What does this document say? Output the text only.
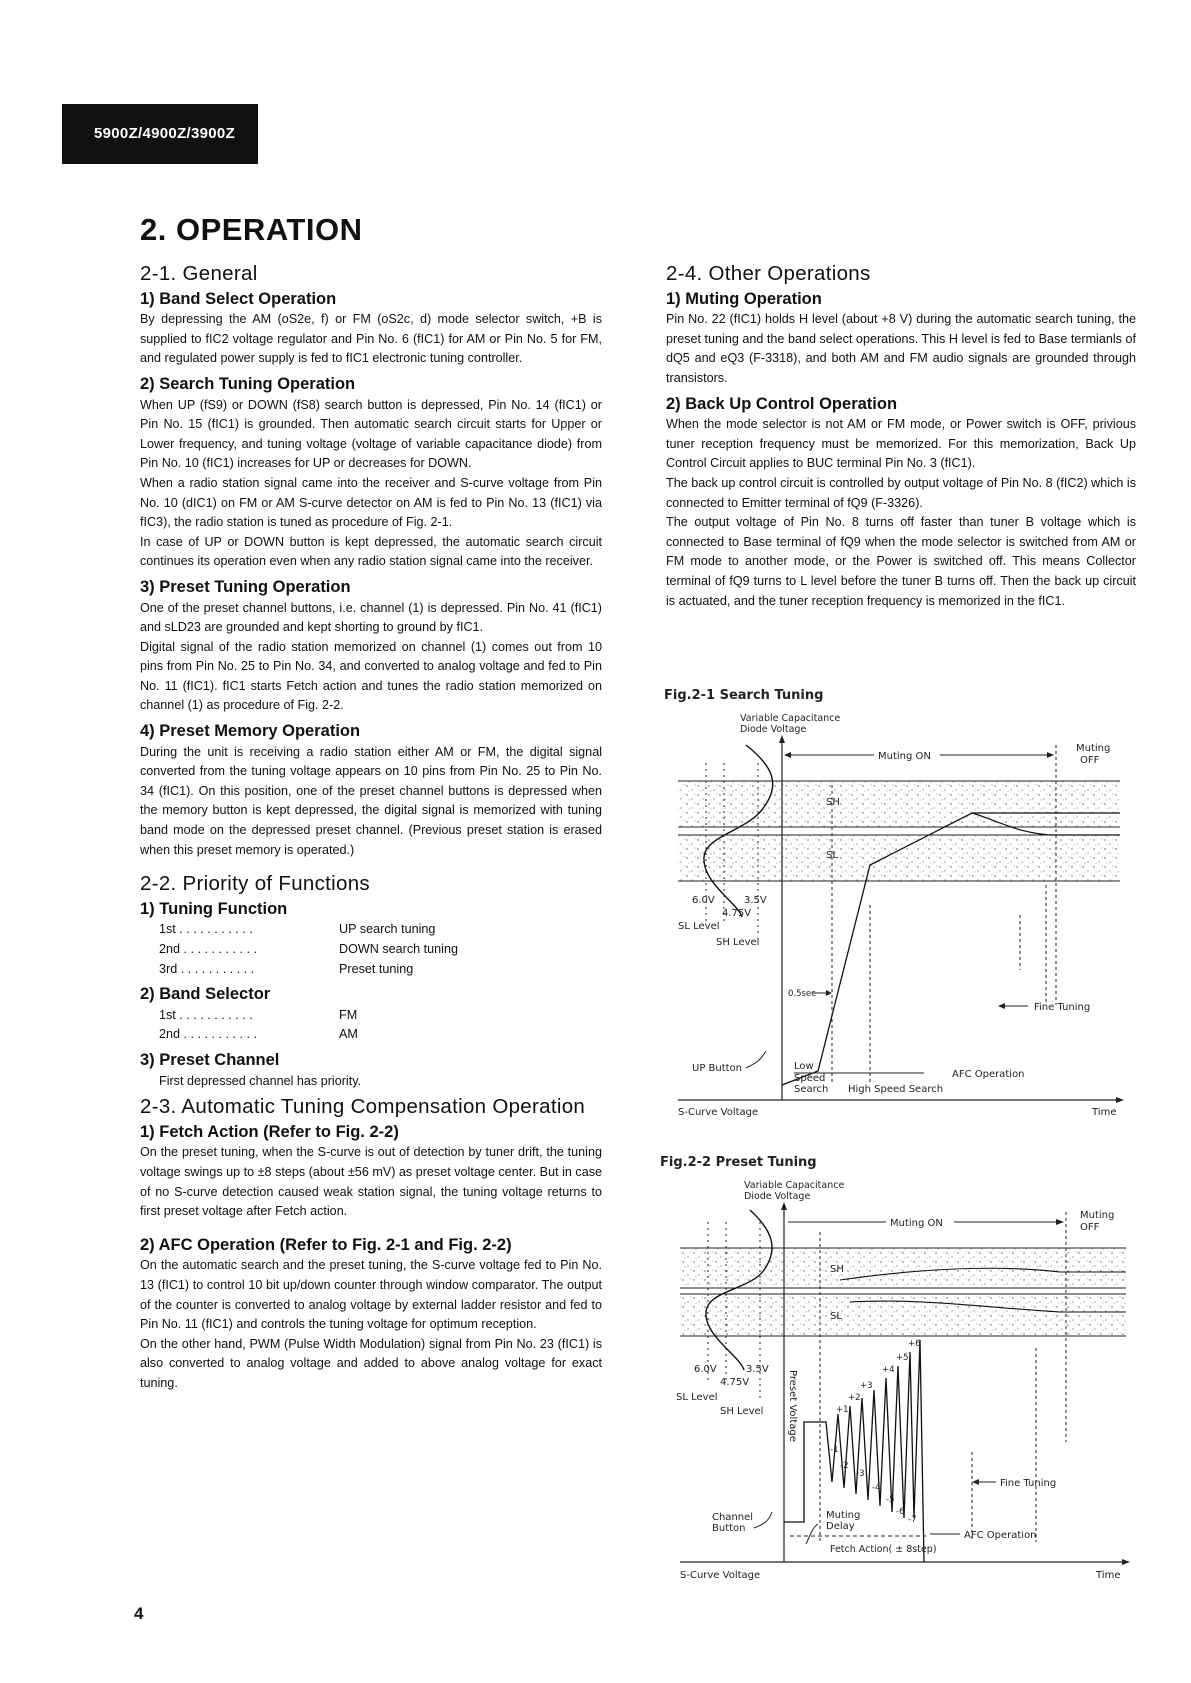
5900Z/4900Z/3900Z
2. OPERATION
2-1. General
1) Band Select Operation

By depressing the AM (oS2e, f) or FM (oS2c, d) mode selector switch, +B is supplied to fIC2 voltage regulator and Pin No. 6 (fIC1) for AM or Pin No. 5 for FM, and regulated power supply is fed to fIC1 electronic tuning controller.

2) Search Tuning Operation

When UP (fS9) or DOWN (fS8) search button is depressed, Pin No. 14 (fIC1) or Pin No. 15 (fIC1) is grounded. Then automatic search circuit starts for Upper or Lower frequency, and tuning voltage (voltage of variable capacitance diode) from Pin No. 10 (fIC1) increases for UP or decreases for DOWN.

When a radio station signal came into the receiver and S-curve voltage from Pin No. 10 (dIC1) on FM or AM S-curve detector on AM is fed to Pin No. 13 (fIC1) via fIC3), the radio station is tuned as procedure of Fig. 2-1.

In case of UP or DOWN button is kept depressed, the automatic search circuit continues its operation even when any radio station signal came into the receiver.

3) Preset Tuning Operation

One of the preset channel buttons, i.e. channel (1) is depressed. Pin No. 41 (fIC1) and sLD23 are grounded and kept shorting to ground by fIC1.

Digital signal of the radio station memorized on channel (1) comes out from 10 pins from Pin No. 25 to Pin No. 34, and converted to analog voltage and fed to Pin No. 11 (fIC1). fIC1 starts Fetch action and tunes the radio station memorized on channel (1) as procedure of Fig. 2-2.

4) Preset Memory Operation

During the unit is receiving a radio station either AM or FM, the digital signal converted from the tuning voltage appears on 10 pins from Pin No. 25 to Pin No. 34 (fIC1). On this position, one of the preset channel buttons is depressed when the memory button is kept depressed, the digital signal is memorized with tuning band mode on the depressed preset channel. (Previous preset station is erased when this preset memory is operated.)

2-2. Priority of Functions
1) Tuning Function
1st . . . . . . . . . . .	UP search tuning
2nd . . . . . . . . . . .	DOWN search tuning
3rd . . . . . . . . . . .	Preset tuning
2) Band Selector
1st . . . . . . . . . . .	FM
2nd . . . . . . . . . . .	AM
3) Preset Channel

First depressed channel has priority.

2-3. Automatic Tuning Compensation Operation
1) Fetch Action (Refer to Fig. 2-2)

On the preset tuning, when the S-curve is out of detection by tuner drift, the tuning voltage swings up to ±8 steps (about ±56 mV) as preset voltage center. But in case of no S-curve detection caused weak station signal, the tuning voltage returns to first preset voltage after Fetch action.

2) AFC Operation (Refer to Fig. 2-1 and Fig. 2-2)

On the automatic search and the preset tuning, the S-curve voltage fed to Pin No. 13 (fIC1) to control 10 bit up/down counter through window comparator. The output of the counter is converted to analog voltage by external ladder resistor and fed to Pin No. 11 (fIC1) and controls the tuning voltage for optimum reception.

On the other hand, PWM (Pulse Width Modulation) signal from Pin No. 23 (fIC1) is also converted to analog voltage and added to above analog voltage for exact tuning.

2-4. Other Operations
1) Muting Operation

Pin No. 22 (fIC1) holds H level (about +8 V) during the automatic search tuning, the preset tuning and the band select operations. This H level is fed to Base termianls of dQ5 and eQ3 (F-3318), and both AM and FM audio signals are grounded through transistors.

2) Back Up Control Operation

When the mode selector is not AM or FM mode, or Power switch is OFF, privious tuner reception frequency must be memorized. For this memorization, Back Up Control Circuit applies to BUC terminal Pin No. 3 (fIC1).

The back up control circuit is controlled by output voltage of Pin No. 8 (fIC2) which is connected to Emitter terminal of fQ9 (F-3326).

The output voltage of Pin No. 8 turns off faster than tuner B voltage which is connected to Base terminal of fQ9 when the mode selector is switched from AM or FM mode to another mode, or the Power is switched off. This means Collector terminal of fQ9 turns to L level before the tuner B turns off. Then the back up circuit is actuated, and the tuner reception frequency is memorized in the fIC1.

Fig.2-1 Search Tuning
Variable Capacitance
Diode Voltage
Muting ON
Muting
OFF
SH
SL
6.0V	3.5V
4.75V
SL Level
SH Level
0.5sec
Fine Tuning
UP Button	Low
AFC Operation
Speed
Search High Speed Search
S-Curve Voltage	Time
Fig.2-2 Preset Tuning
Variable Capacitance
Diode Voltage
Muting ON
Muting
OFF
SH
SL
+1
+2
+3
+4
+5
+6
-1
-2
-3
-4
-5
-6
-7
6.0V	3.5V
4.75V
SL Level
SH Level Preset Voltage
Fine Tuning
Channel
Button
Muting
Delay
AFC Operation
Fetch Action( ± 8step)
S-Curve Voltage	Time
4
